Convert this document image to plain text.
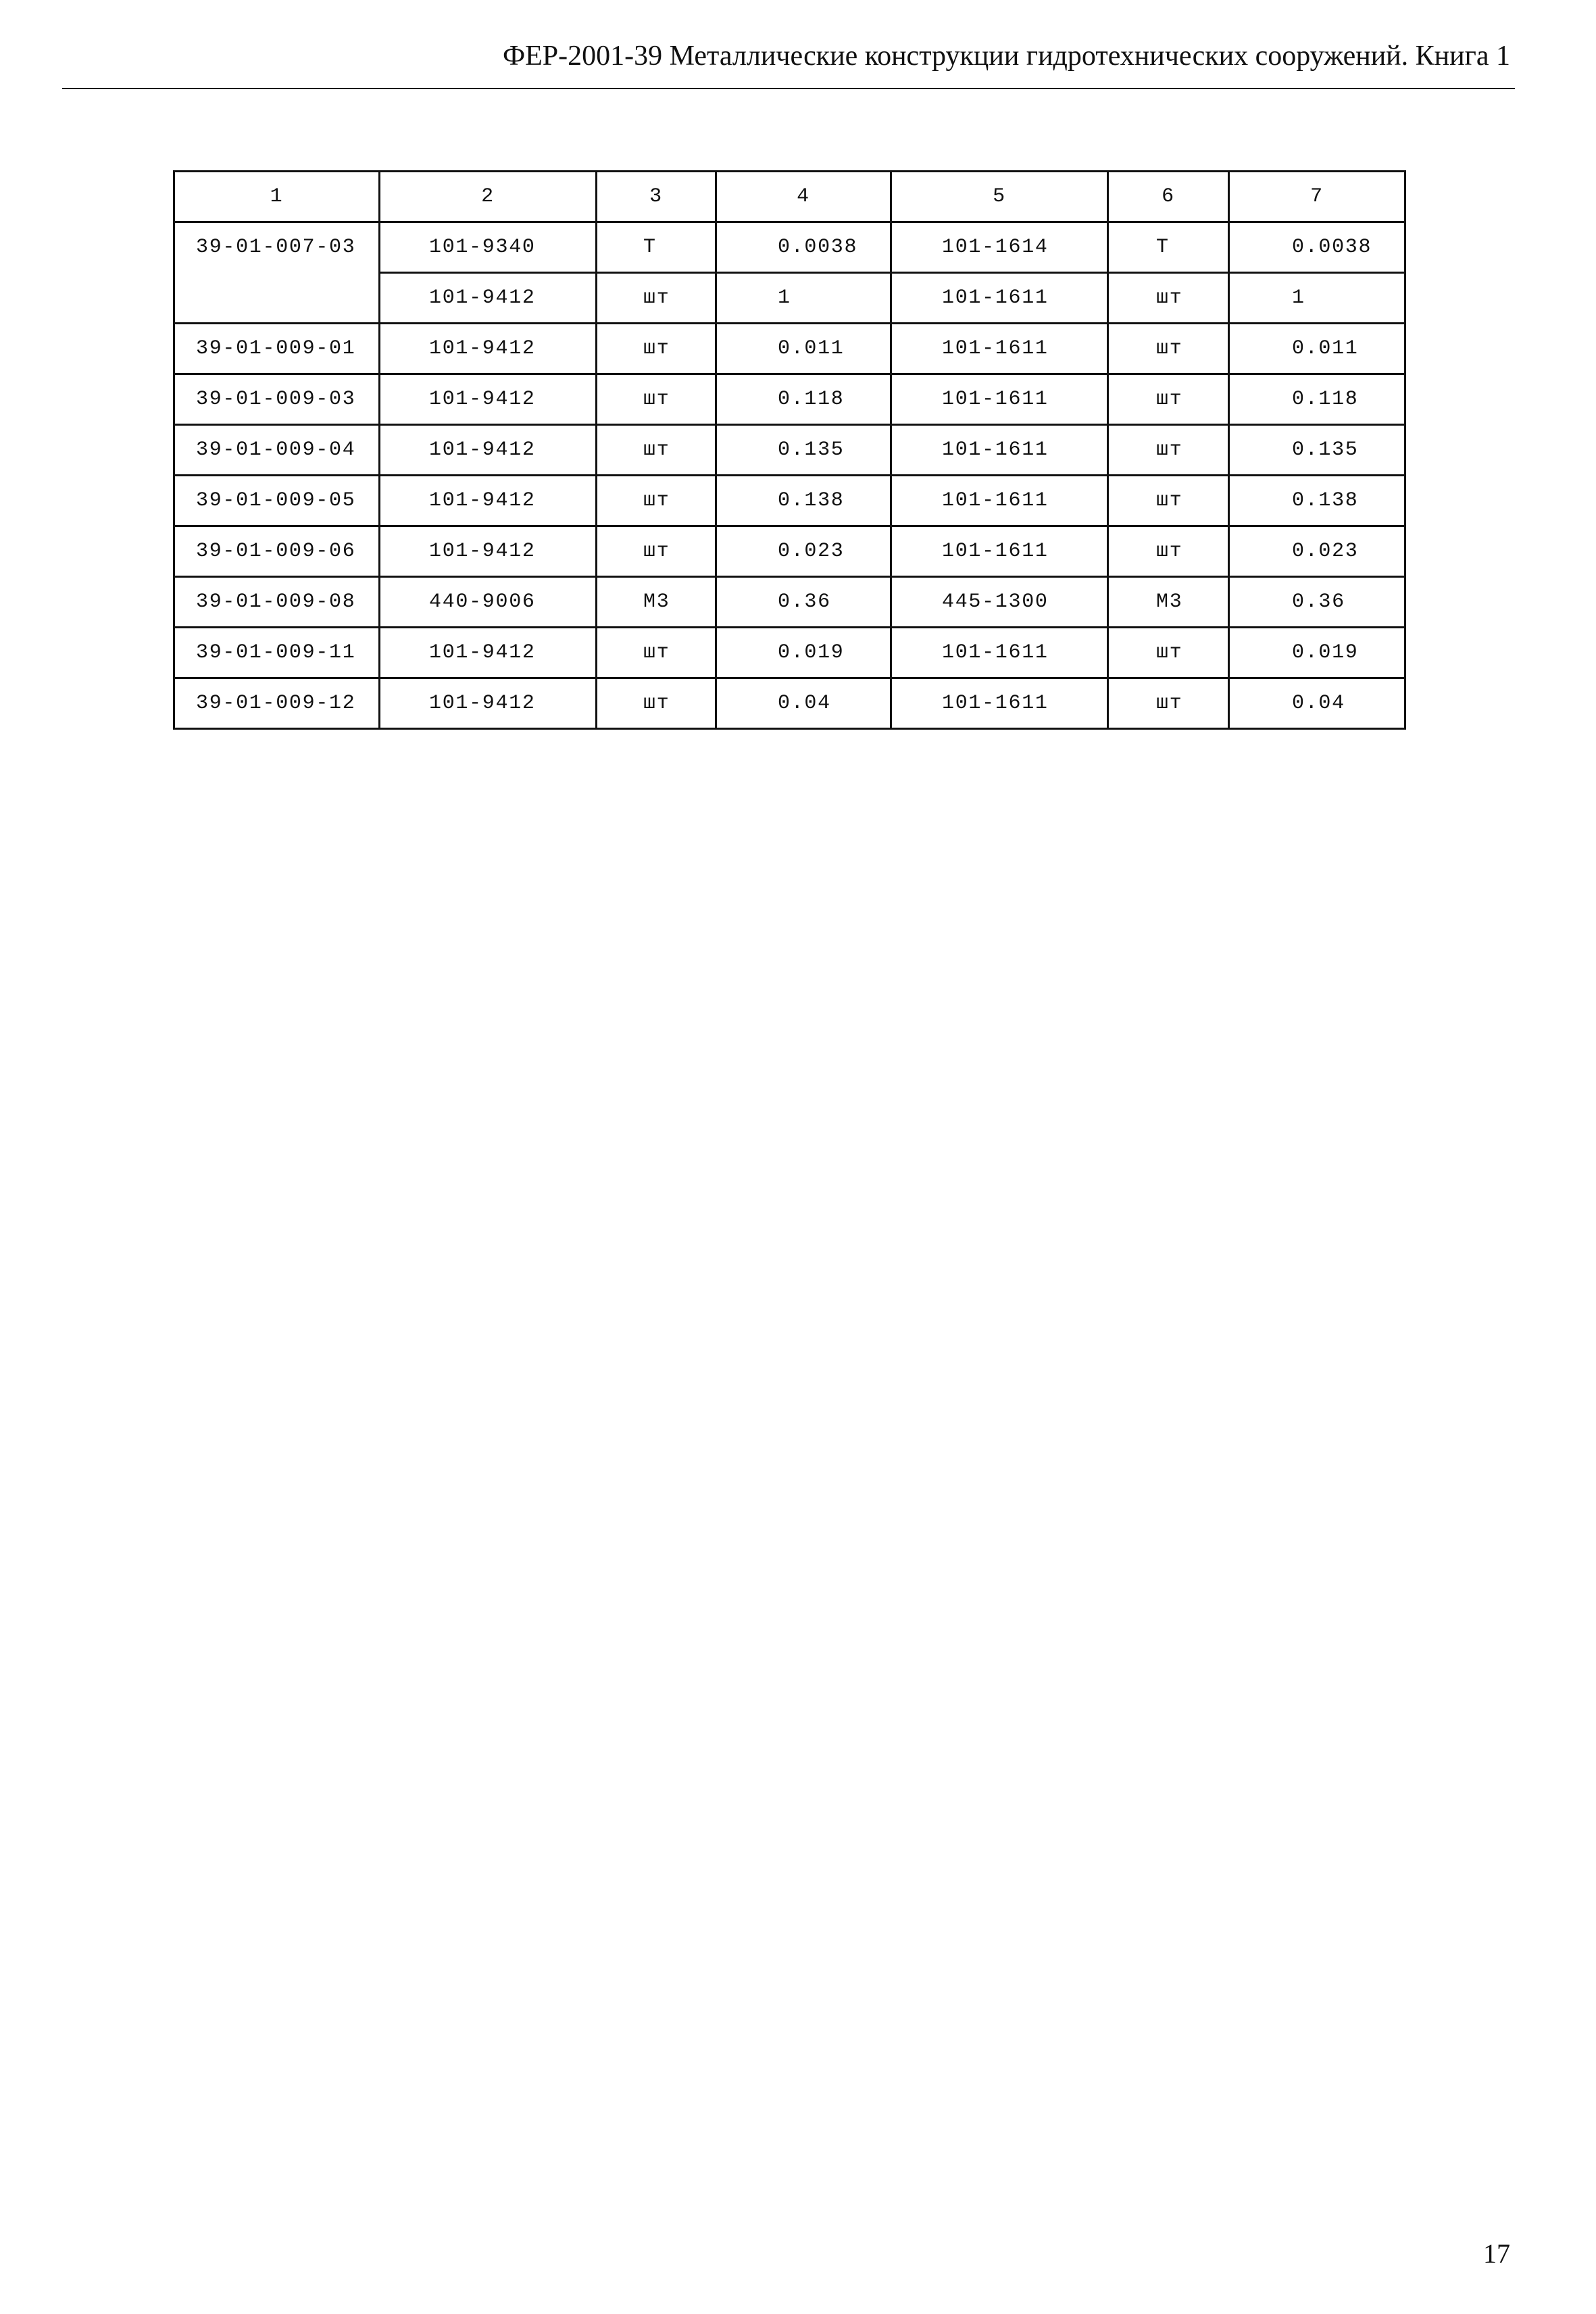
ФЕР-2001-39 Металлические конструкции гидротехнических сооружений. Книга 1
1	2	3	4	5	6	7
39-01-007-03	101-9340	Т	0.0038	101-1614	Т	0.0038
	101-9412	шт	1	101-1611	шт	1
39-01-009-01	101-9412	шт	0.011	101-1611	шт	0.011
39-01-009-03	101-9412	шт	0.118	101-1611	шт	0.118
39-01-009-04	101-9412	шт	0.135	101-1611	шт	0.135
39-01-009-05	101-9412	шт	0.138	101-1611	шт	0.138
39-01-009-06	101-9412	шт	0.023	101-1611	шт	0.023
39-01-009-08	440-9006	М3	0.36	445-1300	М3	0.36
39-01-009-11	101-9412	шт	0.019	101-1611	шт	0.019
39-01-009-12	101-9412	шт	0.04	101-1611	шт	0.04
17
